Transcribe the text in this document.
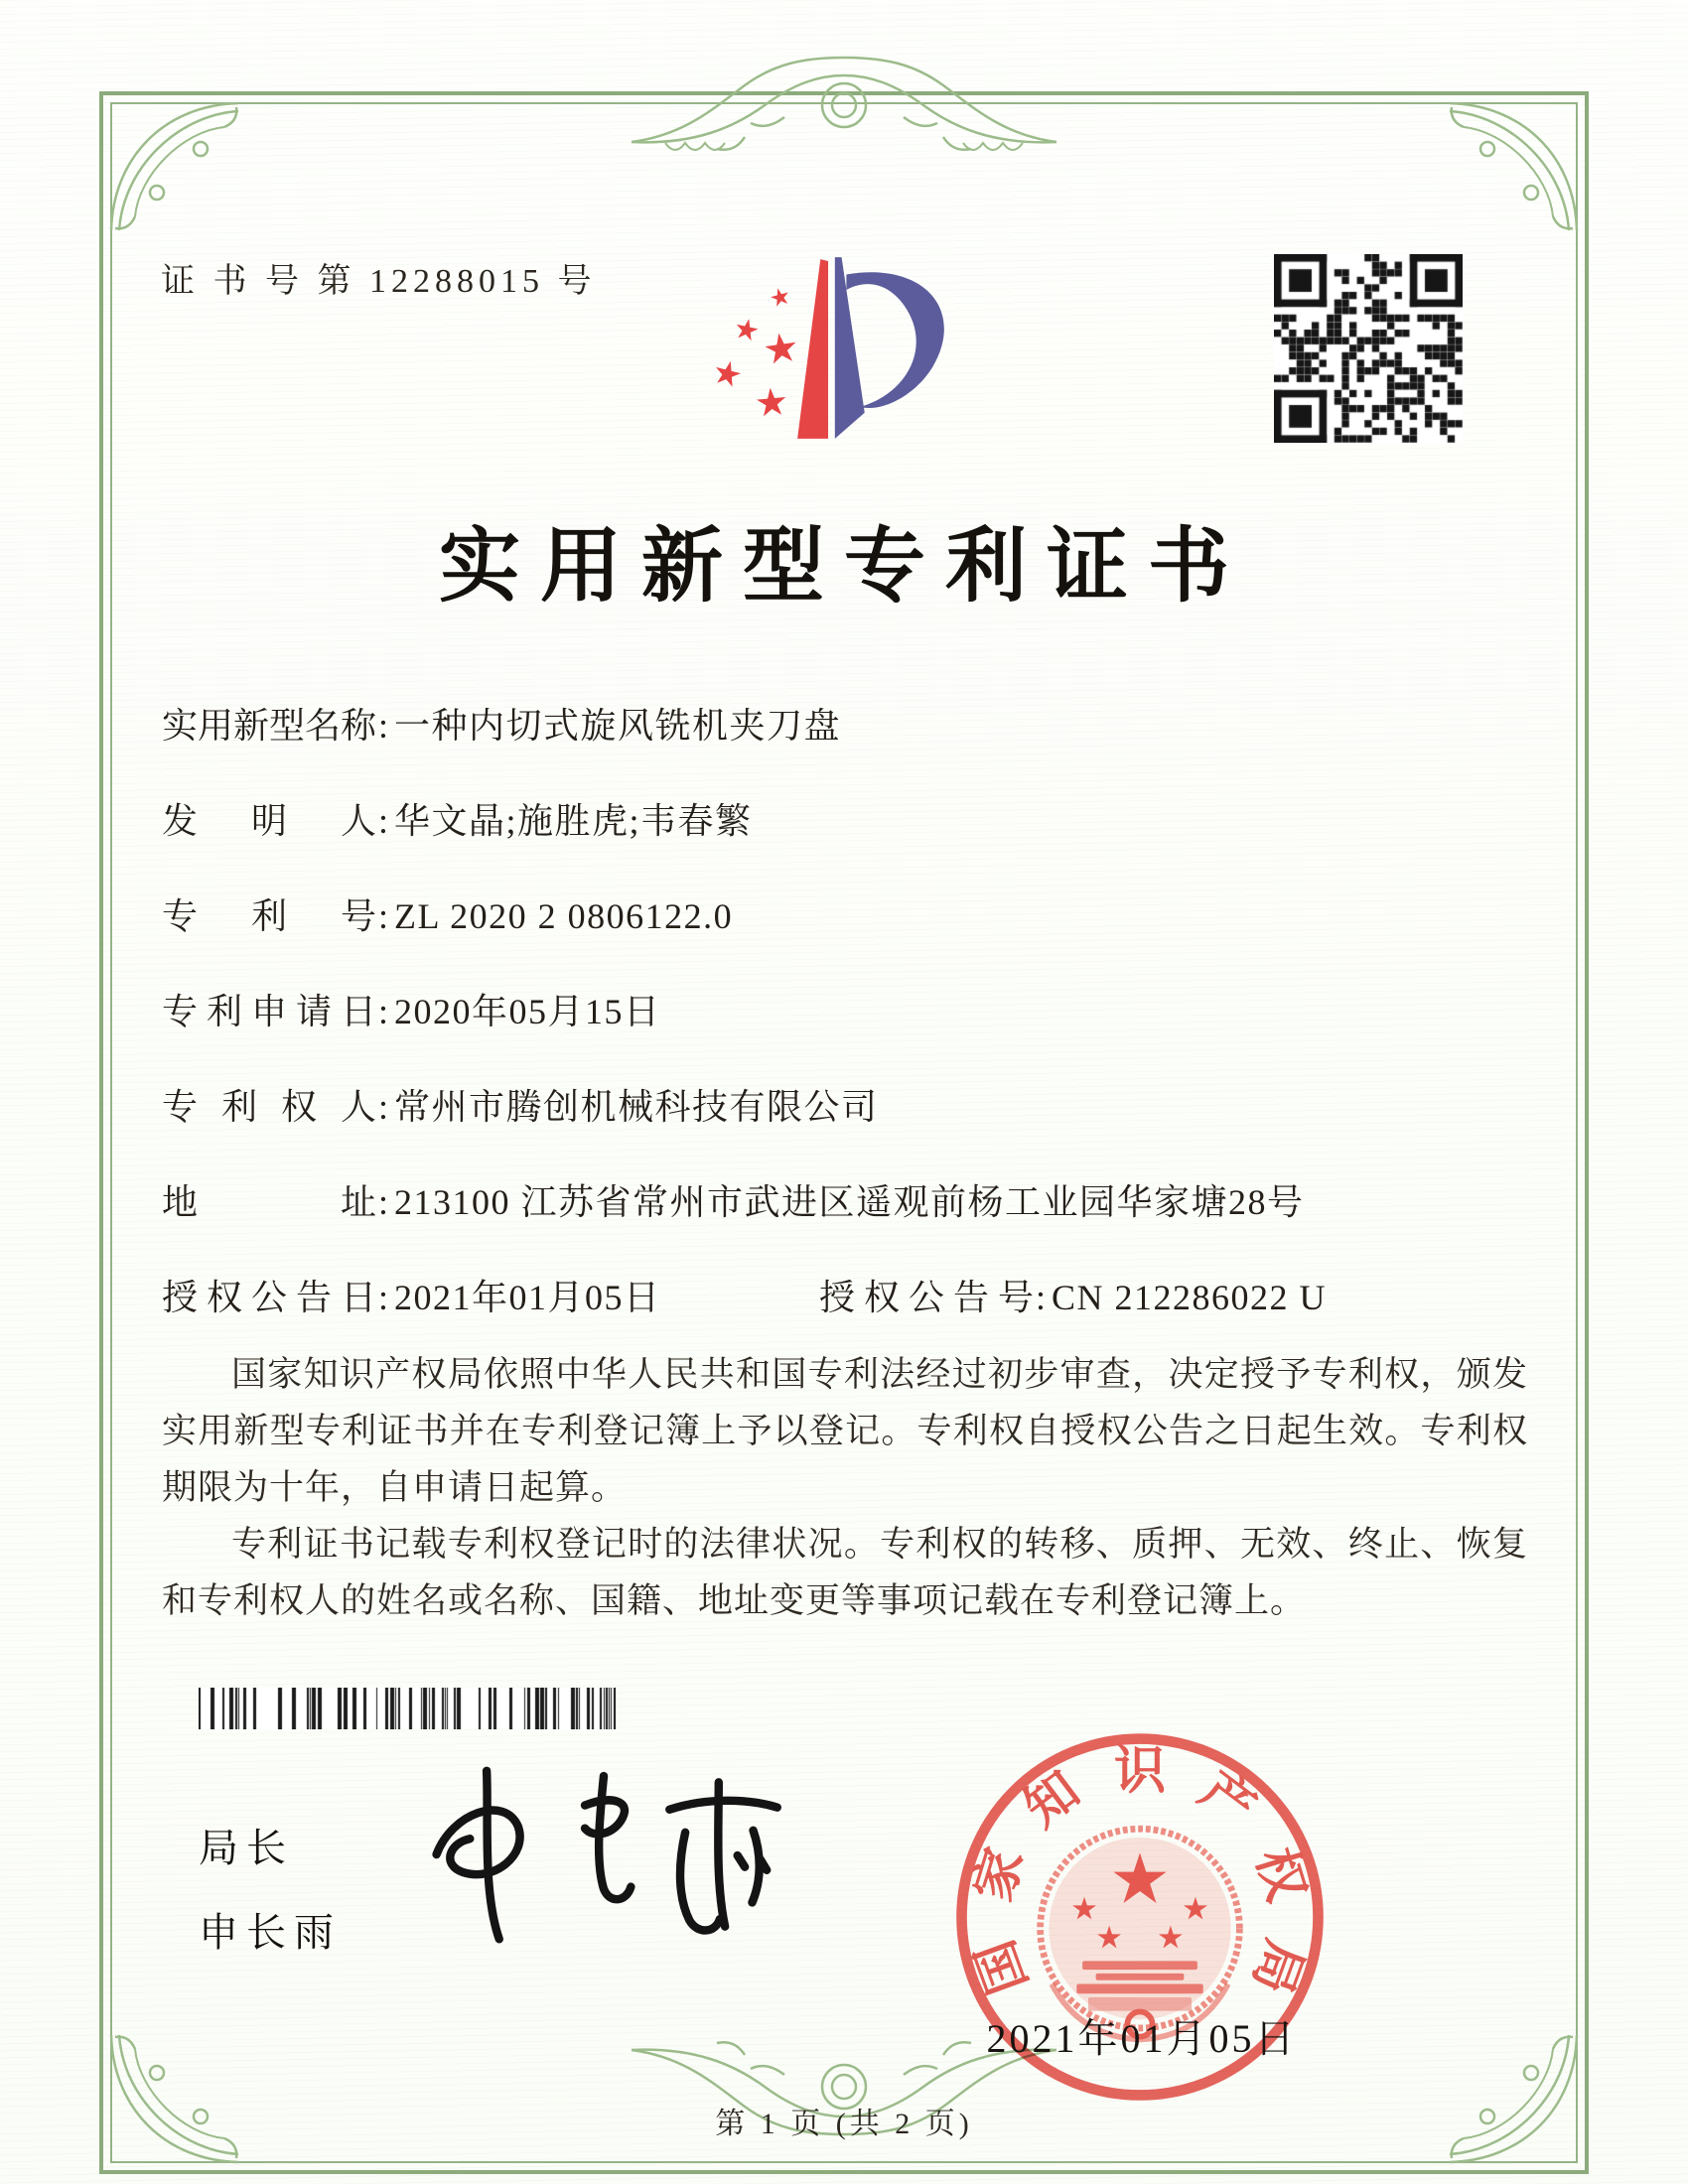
证 书 号 第 12288015 号
实用新型专利证书
实用新型名称: 一种内切式旋风铣机夹刀盘
发明人: 华文晶;施胜虎;韦春繁
专利号: ZL 2020 2 0806122.0
专利申请日: 2020年05月15日
专利权人: 常州市腾创机械科技有限公司
地址: 213100 江苏省常州市武进区遥观前杨工业园华家塘28号
授权公告日: 2021年01月05日	授权公告号: CN 212286022 U

国家知识产权局依照中华人民共和国专利法经过初步审查，决定授予专利权，颁发实用新型专利证书并在专利登记簿上予以登记。专利权自授权公告之日起生效。专利权期限为十年，自申请日起算。

专利证书记载专利权登记时的法律状况。专利权的转移、质押、无效、终止、恢复和专利权人的姓名或名称、国籍、地址变更等事项记载在专利登记簿上。

局长
申长雨	国
家
知 识 产
权
局
2021年01月05日
第 1 页 (共 2 页)
